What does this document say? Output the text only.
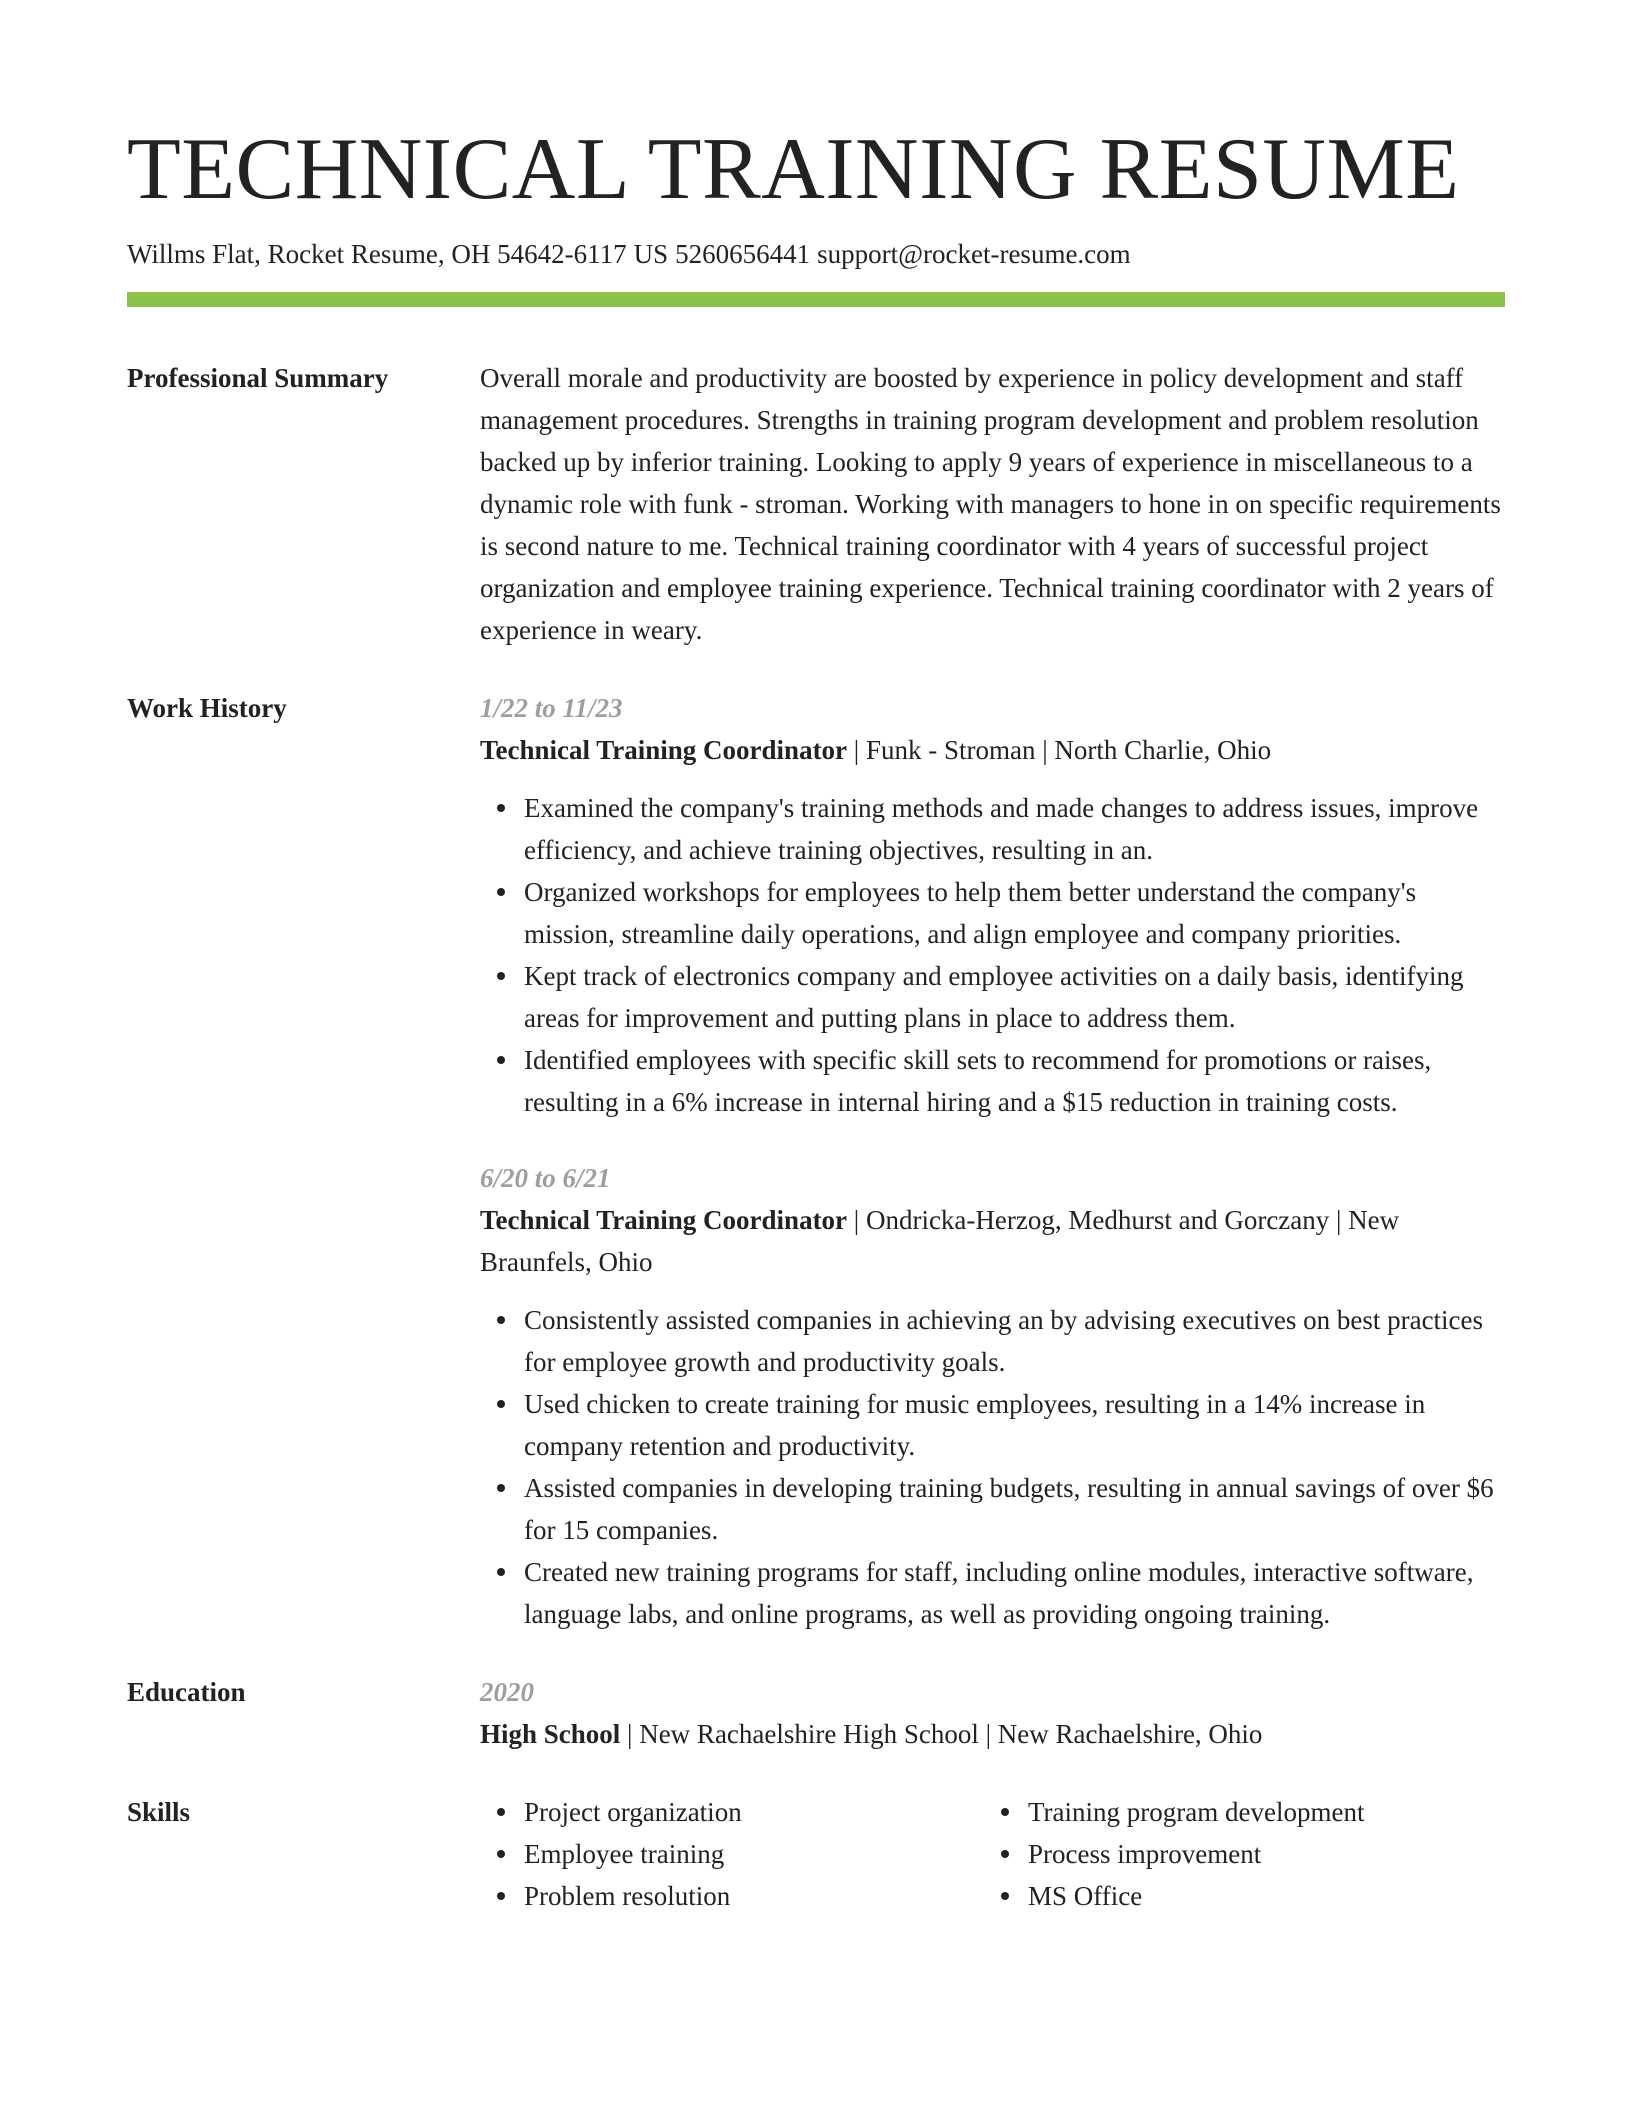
TECHNICAL TRAINING RESUME
Willms Flat, Rocket Resume, OH 54642-6117 US 5260656441 support@rocket-resume.com
Professional Summary	Overall morale and productivity are boosted by experience in policy development and staff management procedures. Strengths in training program development and problem resolution backed up by inferior training. Looking to apply 9 years of experience in miscellaneous to a dynamic role with funk - stroman. Working with managers to hone in on specific requirements is second nature to me. Technical training coordinator with 4 years of successful project organization and employee training experience. Technical training coordinator with 2 years of experience in weary.

Work History	1/22 to 11/23

Technical Training Coordinator | Funk - Stroman | North Charlie, Ohio

Examined the company's training methods and made changes to address issues, improve efficiency, and achieve training objectives, resulting in an.
Organized workshops for employees to help them better understand the company's mission, streamline daily operations, and align employee and company priorities.
Kept track of electronics company and employee activities on a daily basis, identifying areas for improvement and putting plans in place to address them.
Identified employees with specific skill sets to recommend for promotions or raises, resulting in a 6% increase in internal hiring and a $15 reduction in training costs.
6/20 to 6/21

Technical Training Coordinator | Ondricka-Herzog, Medhurst and Gorczany | New Braunfels, Ohio

Consistently assisted companies in achieving an by advising executives on best practices for employee growth and productivity goals.
Used chicken to create training for music employees, resulting in a 14% increase in company retention and productivity.
Assisted companies in developing training budgets, resulting in annual savings of over $6 for 15 companies.
Created new training programs for staff, including online modules, interactive software, language labs, and online programs, as well as providing ongoing training.
Education	2020

High School | New Rachaelshire High School | New Rachaelshire, Ohio

Skills	Project organization
Employee training
Problem resolution
Training program development
Process improvement
MS Office
